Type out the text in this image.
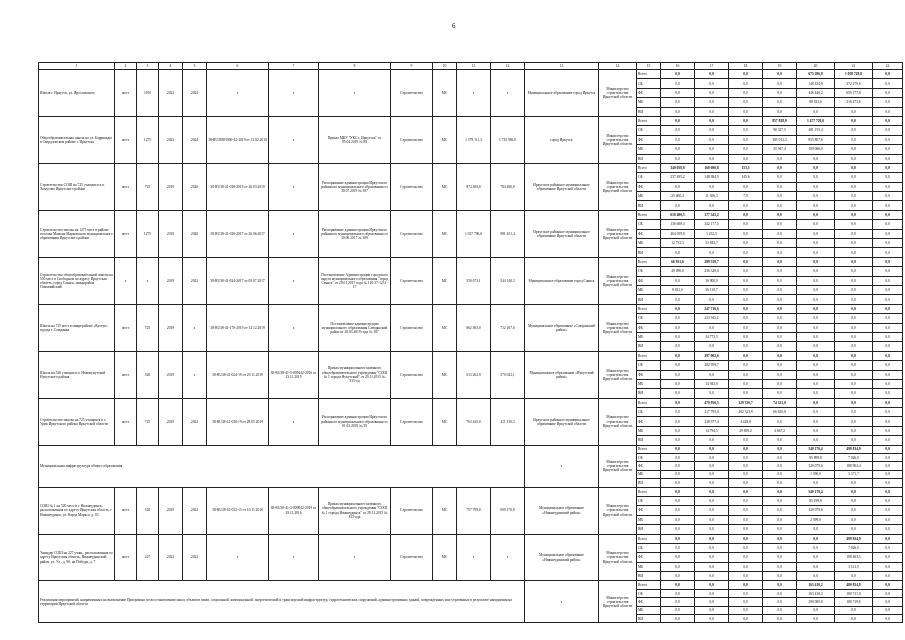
6
1	2	3	4	5	6	7	8	9	10	11	12	13	14	15	16	17	18	19	20	21	22
Школа г. Иркутск, ул. Ярославского	мест	1100	2023	2024	x	x	x	Строительство	МС	x	x	Муниципальное образование город Иркутск	Министерство строительства Иркутской области	Всего	0,0	0,0	0,0	0,0	675 286,8	1 058 729,8	0,0
														ОБ	0,0	0,0	0,0	0,0	148 454,8	372 279,6	0,0
														ФБ	0,0	0,0	0,0	0,0	446 446,2	650 177,0	0,0
														МБ	0,0	0,0	0,0	0,0	80 331,6	316 273,6	0,0
														ВИ	0,0	0,0	0,0	0,0	0,0	0,0	0,0
Общеобразовательная школа по ул. Баррикады в Свердловском районе г. Иркутска	мест	1275	2023	2024	38-RU38303000-42-2019 от 13.02.2019	x	Приказ МКУ "УКС г. Иркутска" от 05.04.2019 № 98	Строительство	МС	1 379 111,3	1 735 969,0	город Иркутск	Министерство строительства Иркутской области	Всего	0,0	0,0	0,0	857 838,9	1 477 729,0	0,0	0,0
														ОБ	0,0	0,0	0,0	98 327,5	481 155,4	0,0	0,0
														ФБ	0,0	0,0	0,0	385 012,3	855 807,6	0,0	0,0
														МБ	0,0	0,0	0,0	35 947,4	109 066,0	0,0	0,0
														ВИ	0,0	0,0	0,0	0,0	0,0	0,0	0,0
Строительство СОШ на 725 учащихся в п. Хомутово Иркутского района	мест	725	2019	2020	38-RU38-41-028-2019 от 20.03.2019	x	Распоряжение администрации Иркутского районного муниципального образования от 30.07.2019 № 397	Строительство	МС	874 300,0	784 490,0	Иркутское районное муниципальное образование Иркутской области	Министерство строительства Иркутской области	Всего	340 058,8	160 690,8	153,5	0,0	0,0	0,0	0,0
														ОБ	237 495,2	148 384,5	145,6	0,0	0,0	0,0	0,0
														ФБ	0,0	0,0	0,0	0,0	0,0	0,0	0,0
														МБ	25 460,4	11 306,3	7,9	0,0	0,0	0,0	0,0
														ВИ	0,0	0,0	0,0	0,0	0,0	0,0	0,0
Строительство школы на 1275 мест в районе поселка Мамона Марковского муниципального образования Иркутского района	мест	1275	2019	2020	38-RU38-41-026-2017 от 26.06.2017	x	Распоряжение администрации Иркутского районного муниципального образования от 30.06.2017 № 309	Строительство	МС	1 027 796,6	981 431,4	Иркутское районное муниципальное образование Иркутской области	Министерство строительства Иркутской области	Всего	610 400,5	377 543,2	0,0	0,0	0,0	0,0	0,0
														ОБ	136 608,3	342 177,5	0,0	0,0	0,0	0,0	0,0
														ФБ	404 059,0	1 232,5	0,0	0,0	0,0	0,0	0,0
														МБ	12 733,3	33 845,7	0,0	0,0	0,0	0,0	0,0
														ВИ	0,0	0,0	0,0	0,0	0,0	0,0	0,0
Строительство общеобразовательной школы на 550 мест в Свободном по адресу Иркутская область, город Саянск, микрорайон Олимпийский	x	x	2019	2022	38-RU38-41-024-2017 от 05.07.2017	x	Постановление Администрации городского округа муниципального образования "город Саянск" от 29.01.2017 года № 110-37-1231-17	Строительство	МС	550 073,1	544 140,3	Муниципальное образование город Саянск	Министерство строительства Иркутской области	Всего	66 931,6	289 538,7	0,0	0,0	0,0	0,0	0,0
														ОБ	49 090,0	236 328,0	0,0	0,0	0,0	0,0	0,0
														ФБ	0,0	16 900,0	0,0	0,0	0,0	0,0	0,0
														МБ	8 841,6	36 110,7	0,0	0,0	0,0	0,0	0,0
														ВИ	0,0	0,0	0,0	0,0	0,0	0,0	0,0
Школа на 725 мест в микрорайоне «Култук» города г. Слюдянка	мест	725	2019	x	38-RU38-41-170-2019 от 12.12.2019	x	Постановление администрации муниципального образования Слюдянский район от 28.03.2019 года № 187	Строительство	МС	862 365,0	712 167,0	Муниципальное образование «Слюдянский район»	Министерство строительства Иркутской области	Всего	0,0	247 716,6	0,0	0,0	0,0	0,0	0,0
														ОБ	0,0	223 943,1	0,0	0,0	0,0	0,0	0,0
														ФБ	0,0	0,0	0,0	0,0	0,0	0,0	0,0
														МБ	0,0	24 773,5	0,0	0,0	0,0	0,0	0,0
														ВИ	0,0	0,0	0,0	0,0	0,0	0,0	0,0
Школа на 520 учащихся п. Новонукутский Нукутского района	мест	520	2019	x	38-RU38-41-024-19 от 29.11.2019	38-RU38-41-3-009442-2016 от 23.11.2015	Приказ муниципального казенного общеобразовательного учреждения "СОШ № 1 города Нукутский" от 29.11.2015 № 815-од	Строительство	МС	613 262,9	570 022,1	Муниципальное образование «Нукутский район»	Министерство строительства Иркутской области	Всего	0,0	297 902,6	0,0	0,0	0,0	0,0	0,0
														ОБ	0,0	282 959,7	0,0	0,0	0,0	0,0	0,0
														ФБ	0,0	0,0	0,0	0,0	0,0	0,0	0,0
														МБ	0,0	14 943,0	0,0	0,0	0,0	0,0	0,0
														ВИ	0,0	0,0	0,0	0,0	0,0	0,0	0,0
Строительство школы на 725 учащихся в с. Урик Иркутского района Иркутской области	мест	725	2019	2022	38-RU38-41-038-19 от 28.05.2019	x	Распоряжение администрации Иркутского районного муниципального образования от 01.03.2019 № 59	Строительство	МС	763 245,0	411 130,3	Иркутское районное муниципальное образование Иркутской области	Министерство строительства Иркутской области	Всего	0,0	470 956,5	329 330,7	74 321,0	0,0	0,0	0,0
														ОБ	0,0	217 795,0	282 321,9	66 650,8	0,0	0,0	0,0
														ФБ	0,0	238 977,4	4 429,8	0,0	0,0	0,0	0,0
														МБ	0,0	14 794,5	29 839,2	4 667,2	0,0	0,0	0,0
														ВИ	0,0	0,0	0,0	0,0	0,0	0,0	0,0
Муниципальная инфраструктура общего образования												x	Министерство строительства Иркутской области	Всего	0,0	0,0	0,0	0,0	540 176,4	499 834,9	0,0
														ОБ	0,0	0,0	0,0	0,0	85 899,8	7 026,0	0,0
														ФБ	0,0	0,0	0,0	0,0	320 079,6	188 904,4	0,0
														МБ	0,0	0,0	0,0	0,0	1 390,0	3 371,7	0,0
														ВИ	0,0	0,0	0,0	0,0	0,0	0,0	0,0
СОШ № 1 на 520 мест в г. Нижнеудинск, расположенная по адресу Иркутская область, г. Нижнеудинск, ул. Карла Маркса, д. 03	мест	520	2019	2022	38-RU38-41-032-15 от 10.11.2016	38-RU38-41-3-009042-2019 от 29.11.2016	Приказ муниципального казенного общеобразовательного учреждения "СОШ № 1 города Нижнеудинск" от 29.11.2015 № 815-ода	Строительство	МС	757 799,0	699 170,8	Муниципальное образование «Нижнеудинский район»	Министерство строительства Иркутской области	Всего	0,0	0,0	0,0	0,0	540 176,4	0,0	0,0
														ОБ	0,0	0,0	0,0	0,0	85 199,8	0,0	0,0
														ФБ	0,0	0,0	0,0	0,0	320 079,6	0,0	0,0
														МБ	0,0	0,0	0,0	0,0	2 399,0	0,0	0,0
														ВИ	0,0	0,0	0,0	0,0	0,0	0,0	0,0
Униндер СОШ на 227 учащ., расположенная по адресу Иркутская область, Нижнеудинский район, ул. Ул., д. 90, на Победы, д. 7	мест	227	2023	2023	x	x	x	Строительство	МС	x	x	Муниципальное образование «Нижнеудинский район»	Министерство строительства Иркутской области	Всего	0,0	0,0	0,0	0,0	0,0	499 834,9	0,0
														ОБ	0,0	0,0	0,0	0,0	0,0	7 026,0	0,0
														ФБ	0,0	0,0	0,0	0,0	0,0	188 463,5	0,0
														МБ	0,0	0,0	0,0	0,0	0,0	3 121,5	0,0
														ВИ	0,0	0,0	0,0	0,0	0,0	0,0	0,0
Реализация мероприятий, направленных на выполнение Программы по восстановлению школ, объектов связи, социальной, коммунальной, энергетической и транспортной инфраструктур, гидротехнических сооружений, административных зданий, поврежденных или утраченных в результате наводнения на территории Иркутской области												x	Министерство строительства Иркутской области	Всего	0,0	0,0	0,0	0,0	163 410,2	480 834,8	0,0
														ОБ	0,0	0,0	0,0	0,0	163 410,2	180 711,0	0,0
														ФБ	0,0	0,0	0,0	0,0	290 000,0	180 719,6	0,0
														МБ	0,0	0,0	0,0	0,0	0,0	0,0	0,0
														ВИ	0,0	0,0	0,0	0,0	0,0	0,0	0,0
